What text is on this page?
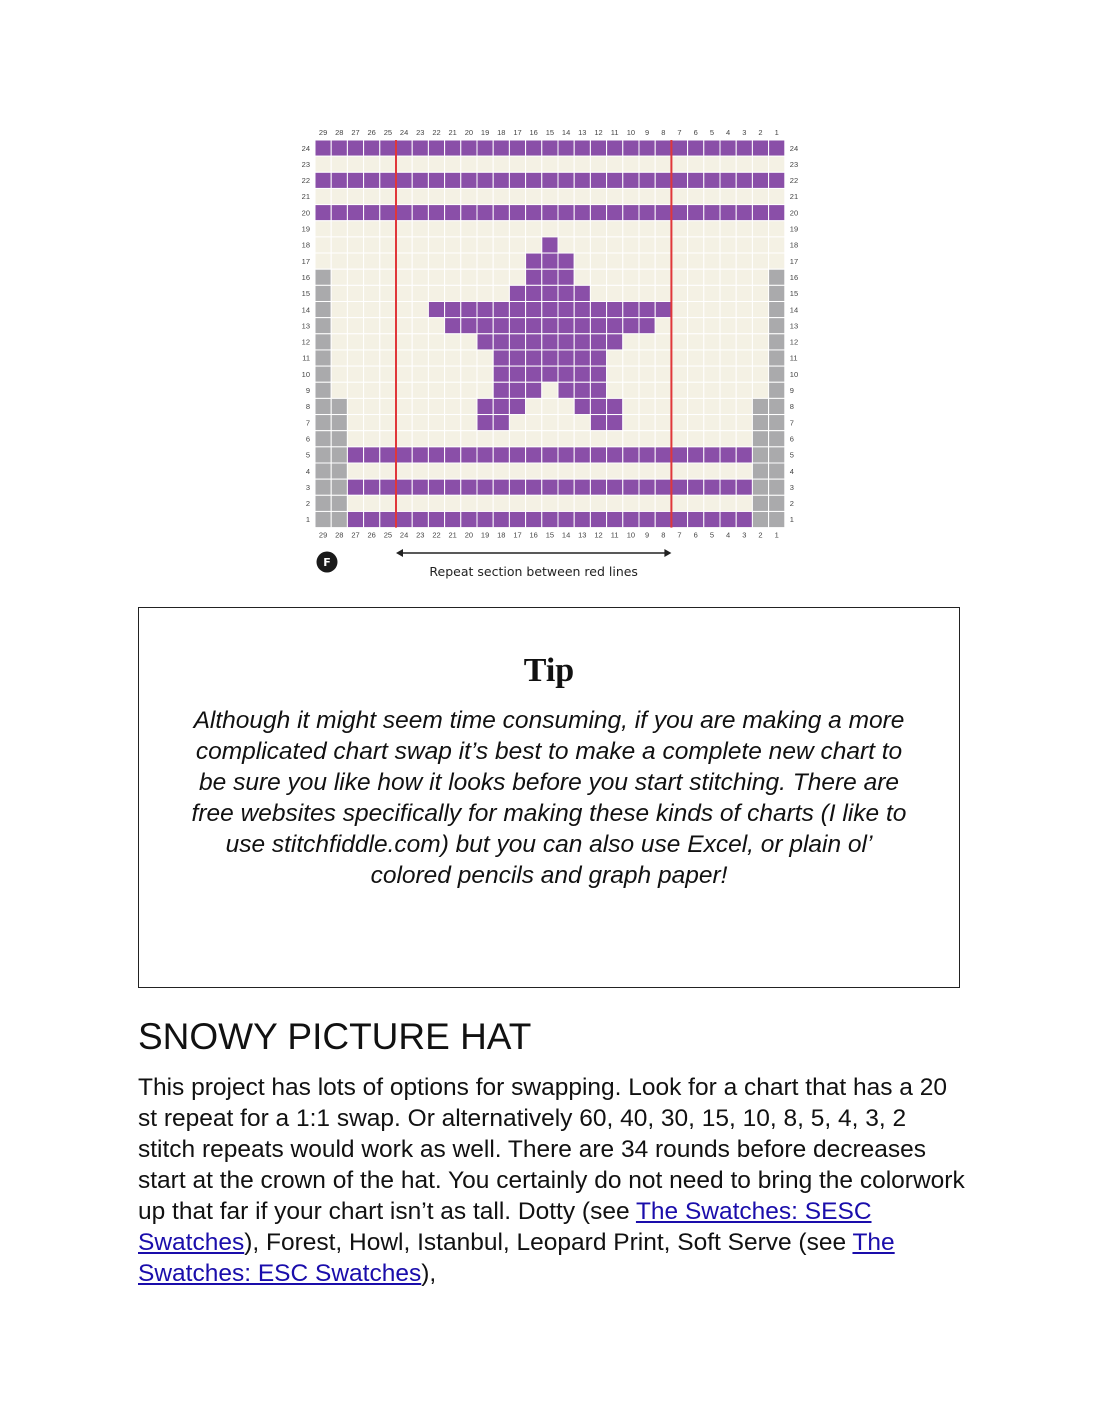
29 28 27 26 25 24 23 22 21 20 19 18 17 16 15 14 13 12 11 10 9 8 7 6 5 4 3 2 1
29 28 27 26 25 24 23 22 21 20 19 18 17 16 15 14 13 12 11 10 9 8 7 6 5 4 3 2 1
24
23
22
21
20
19
18
17
16
15
14
13
12
11
10
9
8
7
6
5
4
3
2
1
24
23
22
21
20
19
18
17
16
15
14
13
12
11
10
9
8
7
6
5
4
3
2
1
F
Repeat section between red lines
Tip
Although it might seem time consuming, if you are making a more complicated chart swap it’s best to make a complete new chart to be sure you like how it looks before you start stitching. There are free websites specifically for making these kinds of charts (I like to use stitchfiddle.com) but you can also use Excel, or plain ol’ colored pencils and graph paper!
SNOWY PICTURE HAT

This project has lots of options for swapping. Look for a chart that has a 20 st repeat for a 1:1 swap. Or alternatively 60, 40, 30, 15, 10, 8, 5, 4, 3, 2 stitch repeats would work as well. There are 34 rounds before decreases start at the crown of the hat. You certainly do not need to bring the colorwork up that far if your chart isn’t as tall. Dotty (see The Swatches: SESC Swatches), Forest, Howl, Istanbul, Leopard Print, Soft Serve (see The Swatches: ESC Swatches),
